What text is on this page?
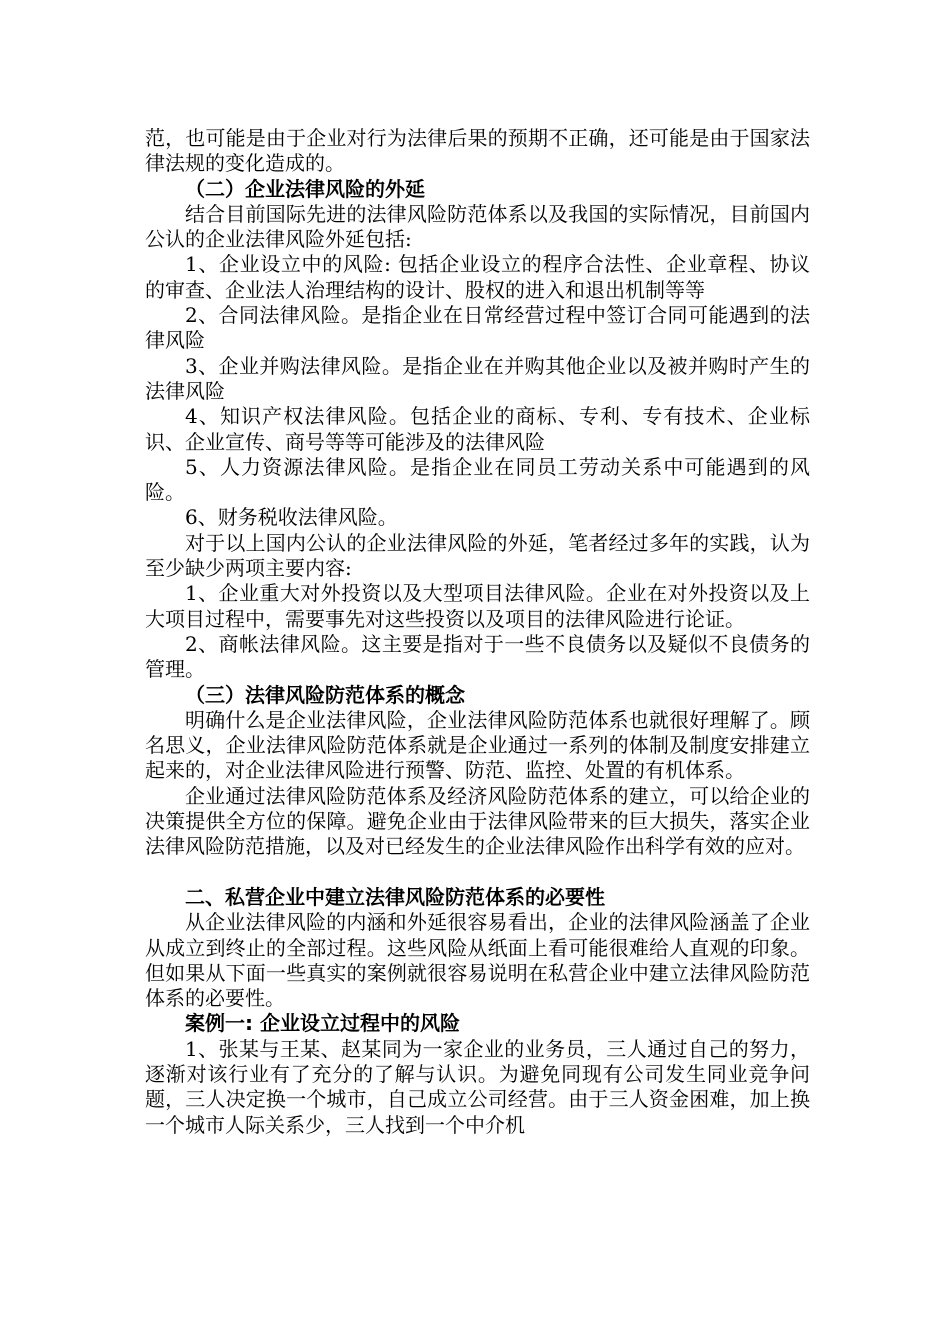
范，也可能是由于企业对行为法律后果的预期不正确，还可能是由于国家法律法规的变化造成的。

（二）企业法律风险的外延

结合目前国际先进的法律风险防范体系以及我国的实际情况，目前国内公认的企业法律风险外延包括:

1、企业设立中的风险: 包括企业设立的程序合法性、企业章程、协议的审查、企业法人治理结构的设计、股权的进入和退出机制等等

2、合同法律风险。是指企业在日常经营过程中签订合同可能遇到的法律风险

3、企业并购法律风险。是指企业在并购其他企业以及被并购时产生的法律风险

4、知识产权法律风险。包括企业的商标、专利、专有技术、企业标识、企业宣传、商号等等可能涉及的法律风险

5、人力资源法律风险。是指企业在同员工劳动关系中可能遇到的风险。

6、财务税收法律风险。

对于以上国内公认的企业法律风险的外延，笔者经过多年的实践，认为至少缺少两项主要内容:

1、企业重大对外投资以及大型项目法律风险。企业在对外投资以及上大项目过程中，需要事先对这些投资以及项目的法律风险进行论证。

2、商帐法律风险。这主要是指对于一些不良债务以及疑似不良债务的管理。

（三）法律风险防范体系的概念

明确什么是企业法律风险，企业法律风险防范体系也就很好理解了。顾名思义，企业法律风险防范体系就是企业通过一系列的体制及制度安排建立起来的，对企业法律风险进行预警、防范、监控、处置的有机体系。

企业通过法律风险防范体系及经济风险防范体系的建立，可以给企业的决策提供全方位的保障。避免企业由于法律风险带来的巨大损失，落实企业法律风险防范措施，以及对已经发生的企业法律风险作出科学有效的应对。

二、私营企业中建立法律风险防范体系的必要性

从企业法律风险的内涵和外延很容易看出，企业的法律风险涵盖了企业从成立到终止的全部过程。这些风险从纸面上看可能很难给人直观的印象。但如果从下面一些真实的案例就很容易说明在私营企业中建立法律风险防范体系的必要性。

案例一: 企业设立过程中的风险

1、张某与王某、赵某同为一家企业的业务员，三人通过自己的努力，逐渐对该行业有了充分的了解与认识。为避免同现有公司发生同业竞争问题，三人决定换一个城市，自己成立公司经营。由于三人资金困难，加上换一个城市人际关系少，三人找到一个中介机
